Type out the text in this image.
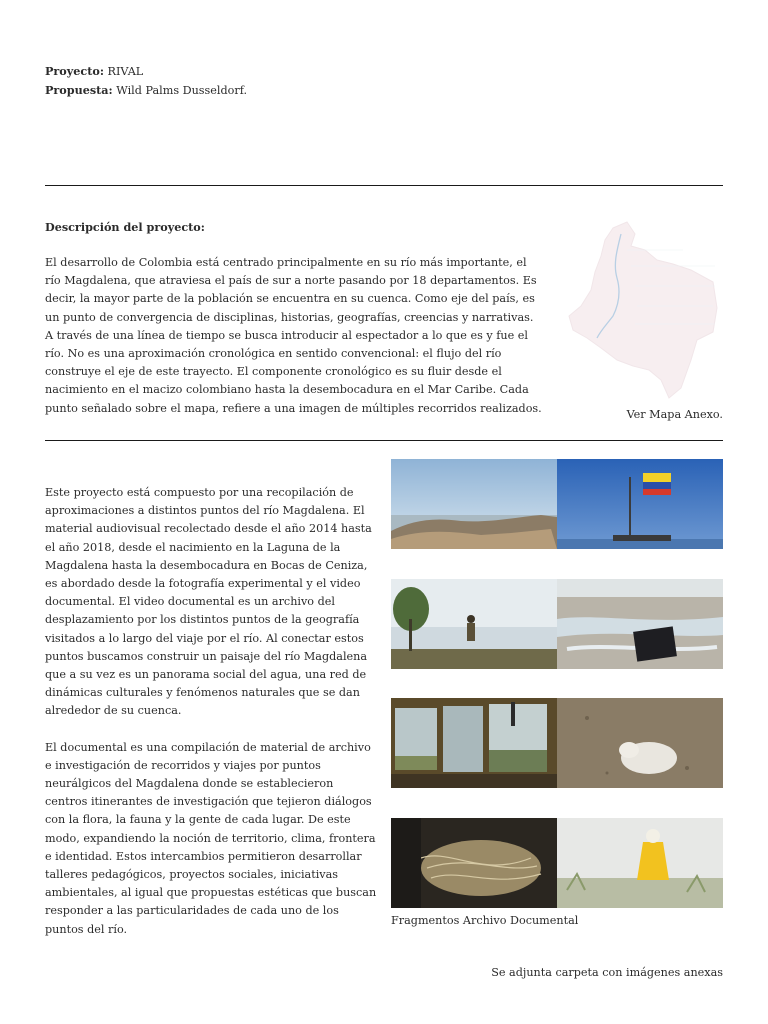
Proyecto: RIVAL
Propuesta: Wild Palms Dusseldorf.
Descripción del proyecto:
El desarrollo de Colombia está centrado principalmente en su río más importante, el río Magdalena, que atraviesa el país de sur a norte pasando por 18 departamentos. Es decir, la mayor parte de la población se encuentra en su cuenca. Como eje del país, es un punto de convergencia de disciplinas, historias, geografías, creencias y narrativas. A través de una línea de tiempo se busca introducir al espectador a lo que es y fue el río. No es una aproximación cronológica en sentido convencional: el flujo del río construye el eje de este trayecto. El componente cronológico es su fluir desde el nacimiento en el macizo colombiano hasta la desembocadura en el Mar Caribe. Cada punto señalado sobre el mapa, refiere a una imagen de múltiples recorridos realizados.	Ver Mapa Anexo.

Este proyecto está compuesto por una recopilación de aproximaciones a distintos puntos del río Magdalena. El material audiovisual recolectado desde el año 2014 hasta el año 2018, desde el nacimiento en la Laguna de la Magdalena hasta la desembocadura en Bocas de Ceniza, es abordado desde la fotografía experimental y el video documental. El video documental es un archivo del desplazamiento por los distintos puntos de la geografía visitados a lo largo del viaje por el río. Al conectar estos puntos buscamos construir un paisaje del río Magdalena que a su vez es un panorama social del agua, una red de dinámicas culturales y fenómenos naturales que se dan alrededor de su cuenca.

El documental es una compilación de material de archivo e investigación de recorridos y viajes por puntos neurálgicos del Magdalena donde se establecieron centros itinerantes de investigación que tejieron diálogos con la flora, la fauna y la gente de cada lugar. De este modo, expandiendo la noción de territorio, clima, frontera e identidad. Estos intercambios permitieron desarrollar talleres pedagógicos, proyectos sociales, iniciativas ambientales, al igual que propuestas estéticas que buscan responder a las particularidades de cada uno de los puntos del río.

Fragmentos Archivo Documental
Se adjunta carpeta con imágenes anexas
